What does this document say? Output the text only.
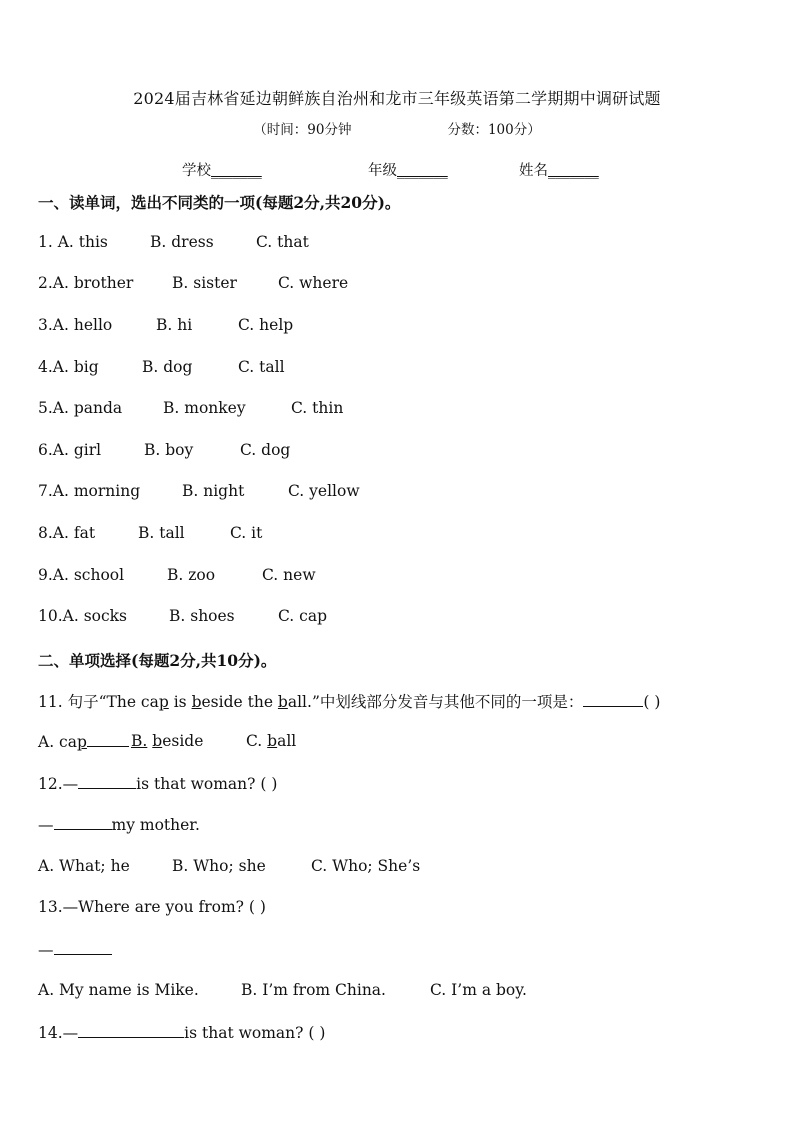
2024届吉林省延边朝鲜族自治州和龙市三年级英语第二学期期中调研试题
（时间：90分钟	分数：100分）
学校_______	年级_______	姓名_______
一、读单词，选出不同类的一项(每题2分,共20分)。
1. A. this	B. dress	C. that
2.A. brother B. sister	C. where
3.A. hello	B. hi	C. help
4.A. big	B. dog	C. tall
5.A. panda	B. monkey	C. thin
6.A. girl	B. boy	C. dog
7.A. morning	B. night	C. yellow
8.A. fat	B. tall	C. it
9.A. school	B. zoo	C. new
10.A. socks	B. shoes	C. cap
二、单项选择(每题2分,共10分)。
11. 句子“The cap is beside the ball.”中划线部分发音与其他不同的一项是：	( )
A. cap	B. beside	C. ball
12.—	is that woman? ( )
—	my mother.
A. What; he	B. Who; she	C. Who; She’s
13.—Where are you from? ( )
—
A. My name is Mike.	B. I’m from China.	C. I’m a boy.
14.—	is that woman? ( )
